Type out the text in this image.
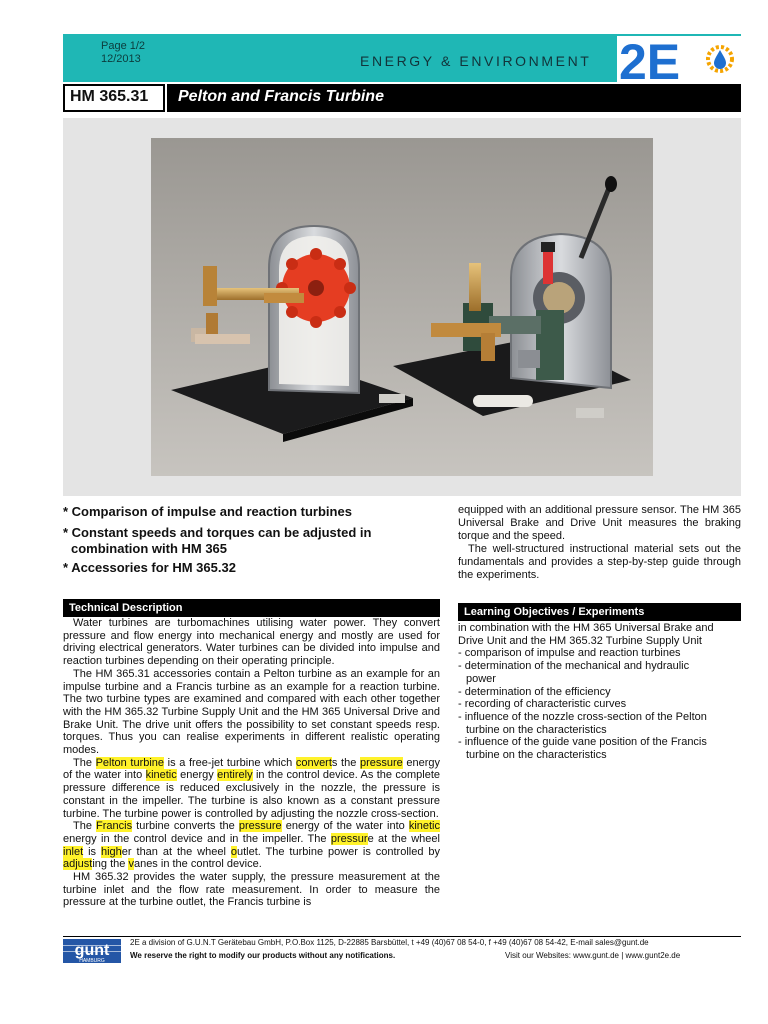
Page 1/2
12/2013	ENERGY & ENVIRONMENT 2E
HM 365.31 Pelton and Francis Turbine
* Comparison of impulse and reaction turbines
* Constant speeds and torques can be adjusted in
combination with HM 365
* Accessories for HM 365.32
equipped with an additional pressure sensor. The HM 365 Universal Brake and Drive Unit measures the braking torque and the speed.
The well-structured instructional material sets out the fundamentals and provides a step-by-step guide through the experiments.
Technical Description

Water turbines are turbomachines utilising water power. They convert pressure and flow energy into mechanical energy and mostly are used for driving electrical generators. Water turbines can be divided into impulse and reaction turbines depending on their operating principle.

The HM 365.31 accessories contain a Pelton turbine as an example for an impulse turbine and a Francis turbine as an example for a reaction turbine. The two turbine types are examined and compared with each other together with the HM 365.32 Turbine Supply Unit and the HM 365 Universal Drive and Brake Unit. The drive unit offers the possibility to set constant speeds resp. torques. Thus you can realise experiments in different realistic operating modes.

The Pelton turbine is a free-jet turbine which converts the pressure energy of the water into kinetic energy entirely in the control device. As the complete pressure difference is reduced exclusively in the nozzle, the pressure is constant in the impeller. The turbine is also known as a constant pressure turbine. The turbine power is controlled by adjusting the nozzle cross-section.

The Francis turbine converts the pressure energy of the water into kinetic energy in the control device and in the impeller. The pressure at the wheel inlet is higher than at the wheel outlet. The turbine power is controlled by adjusting the vanes in the control device.

HM 365.32 provides the water supply, the pressure measurement at the turbine inlet and the flow rate measurement. In order to measure the pressure at the turbine outlet, the Francis turbine is

Learning Objectives / Experiments
in combination with the HM 365 Universal Brake and Drive Unit and the HM 365.32 Turbine Supply Unit
- comparison of impulse and reaction turbines
- determination of the mechanical and hydraulic power
- determination of the efficiency
- recording of characteristic curves
- influence of the nozzle cross-section of the Pelton turbine on the characteristics
- influence of the guide vane position of the Francis turbine on the characteristics
gunt
HAMBURG
2E a division of G.U.N.T Gerätebau GmbH, P.O.Box 1125, D-22885 Barsbüttel, t +49 (40)67 08 54-0, f +49 (40)67 08 54-42, E-mail sales@gunt.de
We reserve the right to modify our products without any notifications.	Visit our Websites: www.gunt.de | www.gunt2e.de
